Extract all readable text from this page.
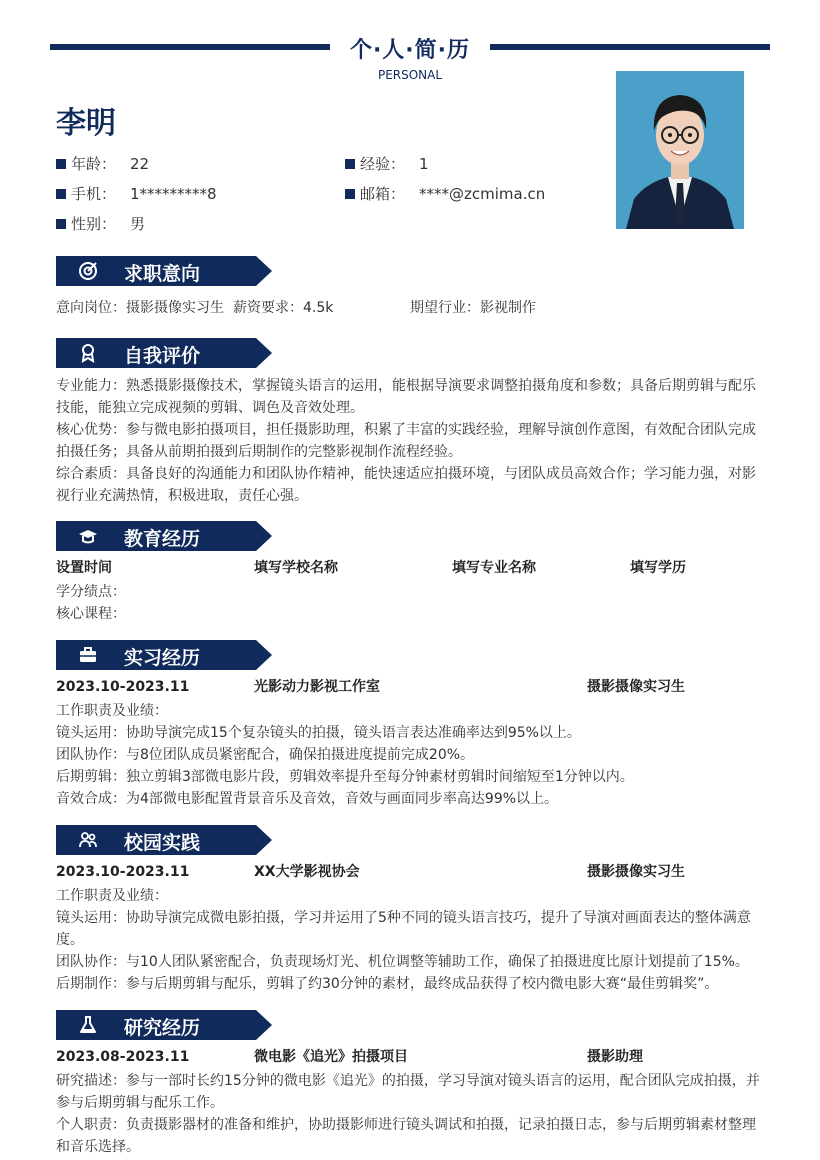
个·人·简·历
PERSONAL
李明
年龄： 22	经验： 1
手机： 1*********8	邮箱： ****@zcmima.cn
性别： 男
求职意向
意向岗位：摄影摄像实习生 薪资要求：4.5k	期望行业：影视制作
自我评价
专业能力：熟悉摄影摄像技术，掌握镜头语言的运用，能根据导演要求调整拍摄角度和参数；具备后期剪辑与配乐技能，能独立完成视频的剪辑、调色及音效处理。
核心优势：参与微电影拍摄项目，担任摄影助理，积累了丰富的实践经验，理解导演创作意图，有效配合团队完成拍摄任务；具备从前期拍摄到后期制作的完整影视制作流程经验。
综合素质：具备良好的沟通能力和团队协作精神，能快速适应拍摄环境，与团队成员高效合作；学习能力强，对影视行业充满热情，积极进取，责任心强。
教育经历
设置时间	填写学校名称	填写专业名称	填写学历
学分绩点：
核心课程：
实习经历
2023.10-2023.11	光影动力影视工作室	摄影摄像实习生
工作职责及业绩：
镜头运用：协助导演完成15个复杂镜头的拍摄，镜头语言表达准确率达到95%以上。
团队协作：与8位团队成员紧密配合，确保拍摄进度提前完成20%。
后期剪辑：独立剪辑3部微电影片段，剪辑效率提升至每分钟素材剪辑时间缩短至1分钟以内。
音效合成：为4部微电影配置背景音乐及音效，音效与画面同步率高达99%以上。
校园实践
2023.10-2023.11	XX大学影视协会	摄影摄像实习生
工作职责及业绩：
镜头运用：协助导演完成微电影拍摄，学习并运用了5种不同的镜头语言技巧，提升了导演对画面表达的整体满意度。
团队协作：与10人团队紧密配合，负责现场灯光、机位调整等辅助工作，确保了拍摄进度比原计划提前了15%。
后期制作：参与后期剪辑与配乐，剪辑了约30分钟的素材，最终成品获得了校内微电影大赛“最佳剪辑奖”。
研究经历
2023.08-2023.11	微电影《追光》拍摄项目	摄影助理
研究描述：参与一部时长约15分钟的微电影《追光》的拍摄，学习导演对镜头语言的运用，配合团队完成拍摄，并参与后期剪辑与配乐工作。
个人职责：负责摄影器材的准备和维护，协助摄影师进行镜头调试和拍摄，记录拍摄日志，参与后期剪辑素材整理和音乐选择。
